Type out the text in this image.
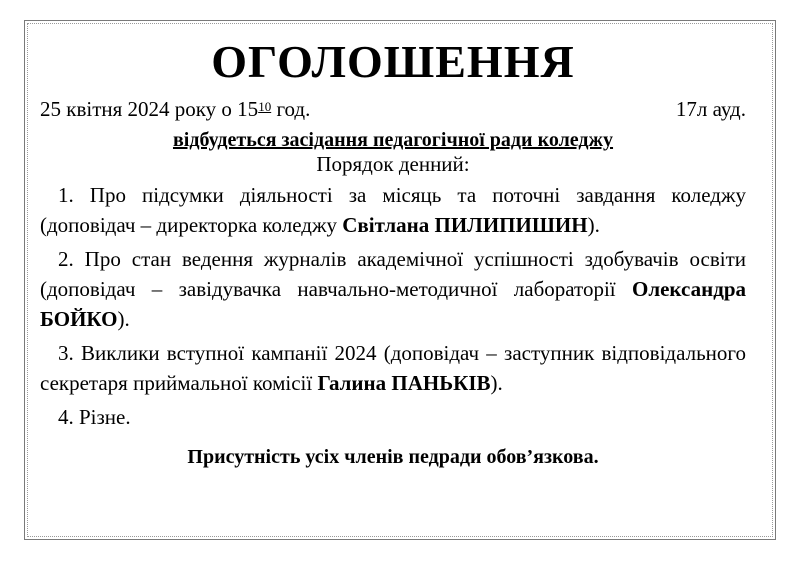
ОГОЛОШЕННЯ
25 квітня 2024 року о $15^{10}$ год.	17л ауд.
відбудеться засідання педагогічної ради коледжу
Порядок денний:

1. Про підсумки діяльності за місяць та поточні завдання коледжу (доповідач – директорка коледжу Світлана ПИЛИПИШИН).

2. Про стан ведення журналів академічної успішності здобувачів освіти (доповідач – завідувачка навчально-методичної лабораторії Олександра БОЙКО).

3. Виклики вступної кампанії 2024 (доповідач – заступник відповідального секретаря приймальної комісії Галина ПАНЬКІВ).

4. Різне.

Присутність усіх членів педради обов’язкова.
